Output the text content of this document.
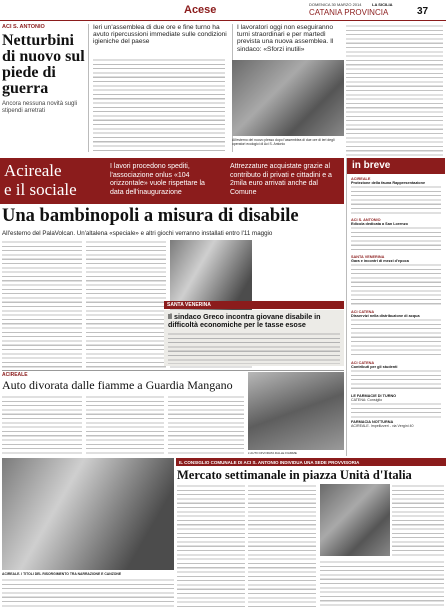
Acese	DOMENICA 30 MARZO 2014	LA SICILIA
CATANIA PROVINCIA	37
ACI S. ANTONIO
Netturbini di nuovo sul piede di guerra
Ancora nessuna novità sugli stipendi arretrati
Ieri un'assemblea di due ore e fine turno ha avuto ripercussioni immediate sulle condizioni igieniche del paese
I lavoratori oggi non eseguiranno turni straordinari e per martedì prevista una nuova assemblea. Il sindaco: «Sforzi inutili»
All'esterno del nuovo plesso dopo l'assemblea di due ore di ieri degli operatori ecologici di Aci S. Antonio
Acireale
e il sociale
I lavori procedono spediti, l'associazione onlus «104 orizzontale» vuole rispettare la data dell'inaugurazione
Attrezzature acquistate grazie al contributo di privati e cittadini e a 2mila euro arrivati anche dal Comune
Una bambinopoli a misura di disabile
All'esterno del PalaVolcan. Un'altalena «speciale» e altri giochi verranno installati entro l'11 maggio
SANTA VENERINA
Il sindaco Greco incontra giovane disabile in difficoltà economiche per le tasse esose
ACIREALE
Auto divorata dalle fiamme a Guardia Mangano
L'AUTO DIVORATA DALLE FIAMME
IL CONSIGLIO COMUNALE DI ACI S. ANTONIO INDIVIDUA UNA SEDE PROVVISORIA
Mercato settimanale in piazza Unità d'Italia
ACIREALE. I TITOLI DEL RISORGIMENTO TRA NARRAZIONE E CANZONE
in breve
ACIREALE
Protezione della fauna Rappresentazione
ACI S. ANTONIO
Edicola dedicata a San Lorenzo
SANTA VENERINA
Gara e incontri di mezzi d'epoca
ACI CATENA
Disservizi nella distribuzione di acqua
ACI CATENA
Contributi per gli studenti
LE FARMACIE DI TURNO
CATENA: Consiglio
FARMACIA NOTTURNA
ACIREALE. Impellizzeri - via Vergini 40
